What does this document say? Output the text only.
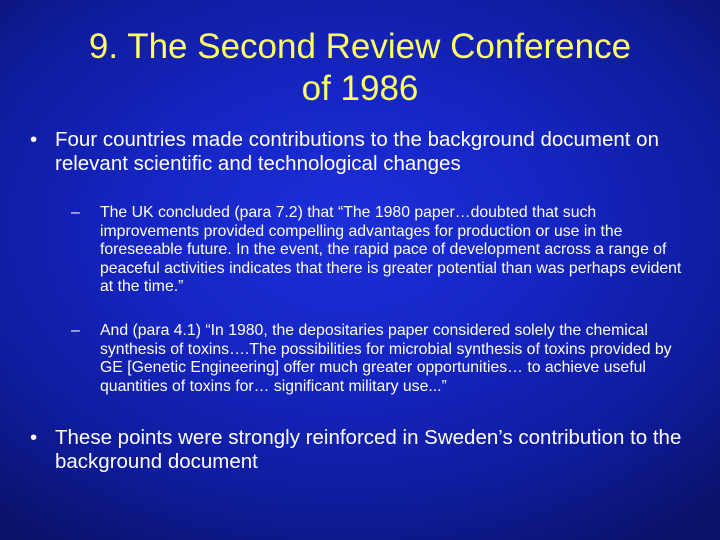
9. The Second Review Conference
of 1986
• Four countries made contributions to the background document on relevant scientific and technological changes
– The UK concluded (para 7.2) that “The 1980 paper…doubted that such improvements provided compelling advantages for production or use in the foreseeable future. In the event, the rapid pace of development across a range of peaceful activities indicates that there is greater potential than was perhaps evident at the time.”
– And (para 4.1) “In 1980, the depositaries paper considered solely the chemical synthesis of toxins….The possibilities for microbial synthesis of toxins provided by GE [Genetic Engineering] offer much greater opportunities… to achieve useful quantities of toxins for… significant military use...”
• These points were strongly reinforced in Sweden’s contribution to the background document
